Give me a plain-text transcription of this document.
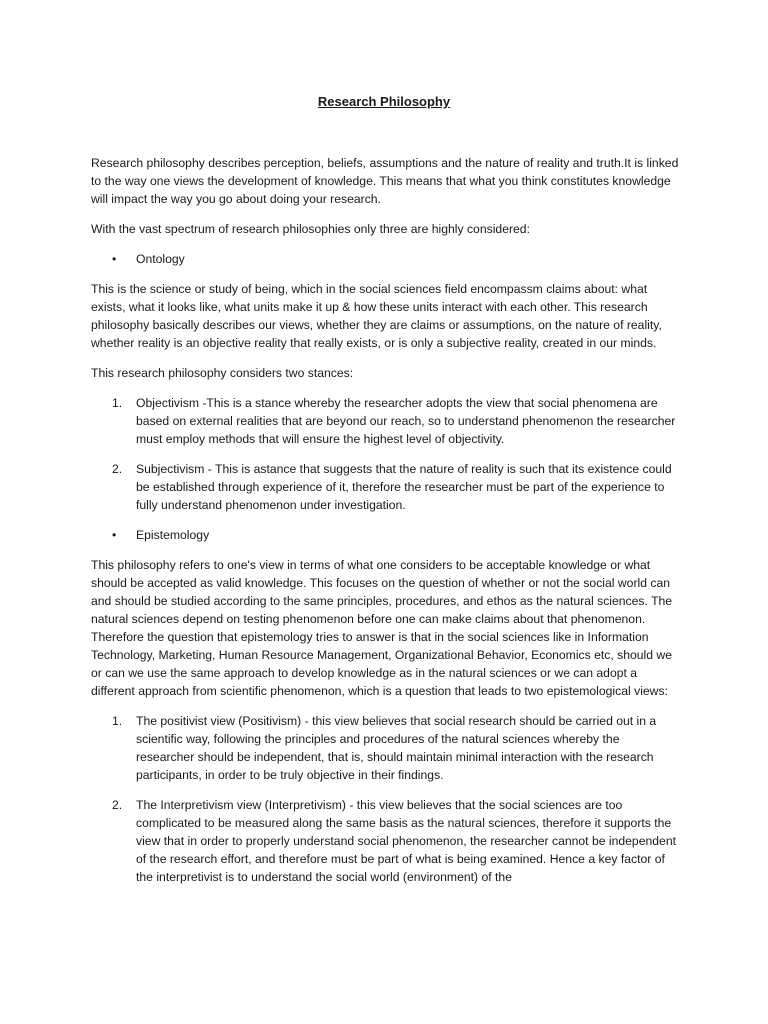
Research Philosophy

Research philosophy describes perception, beliefs, assumptions and the nature of reality and truth.It is linked to the way one views the development of knowledge. This means that what you think constitutes knowledge will impact the way you go about doing your research.

With the vast spectrum of research philosophies only three are highly considered:

• Ontology

This is the science or study of being, which in the social sciences field encompassm claims about: what exists, what it looks like, what units make it up & how these units interact with each other. This research philosophy basically describes our views, whether they are claims or assumptions, on the nature of reality, whether reality is an objective reality that really exists, or is only a subjective reality, created in our minds.

This research philosophy considers two stances:

1. Objectivism -This is a stance whereby the researcher adopts the view that social phenomena are based on external realities that are beyond our reach, so to understand phenomenon the researcher must employ methods that will ensure the highest level of objectivity.
2. Subjectivism - This is astance that suggests that the nature of reality is such that its existence could be established through experience of it, therefore the researcher must be part of the experience to fully understand phenomenon under investigation.
• Epistemology

This philosophy refers to one's view in terms of what one considers to be acceptable knowledge or what should be accepted as valid knowledge. This focuses on the question of whether or not the social world can and should be studied according to the same principles, procedures, and ethos as the natural sciences. The natural sciences depend on testing phenomenon before one can make claims about that phenomenon. Therefore the question that epistemology tries to answer is that in the social sciences like in Information Technology, Marketing, Human Resource Management, Organizational Behavior, Economics etc, should we or can we use the same approach to develop knowledge as in the natural sciences or we can adopt a different approach from scientific phenomenon, which is a question that leads to two epistemological views:

1. The positivist view (Positivism) - this view believes that social research should be carried out in a scientific way, following the principles and procedures of the natural sciences whereby the researcher should be independent, that is, should maintain minimal interaction with the research participants, in order to be truly objective in their findings.
2. The Interpretivism view (Interpretivism) - this view believes that the social sciences are too complicated to be measured along the same basis as the natural sciences, therefore it supports the view that in order to properly understand social phenomenon, the researcher cannot be independent of the research effort, and therefore must be part of what is being examined. Hence a key factor of the interpretivist is to understand the social world (environment) of the
